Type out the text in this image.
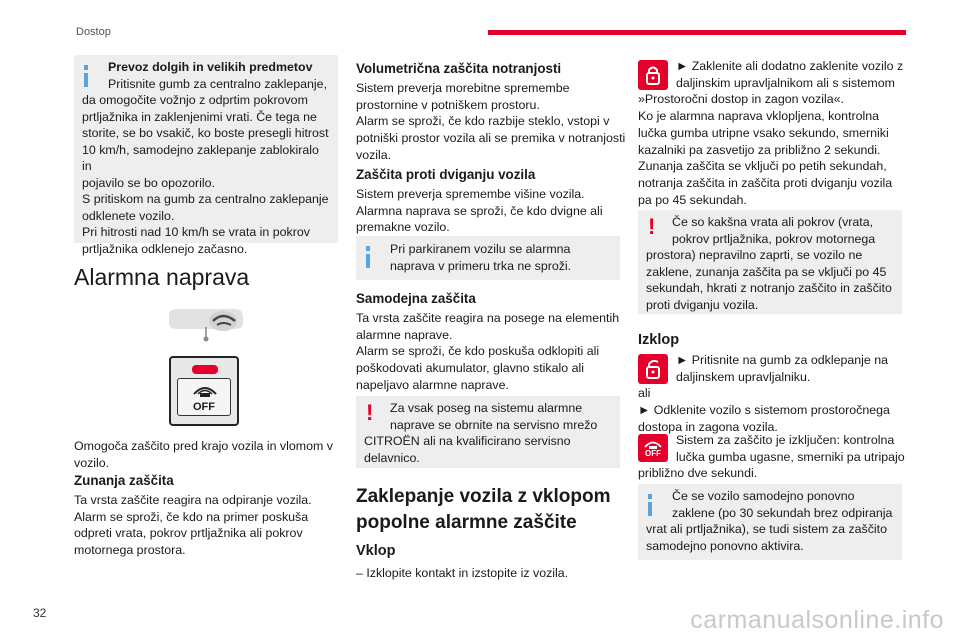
Dostop

Prevoz dolgih in velikih predmetov

Pritisnite gumb za centralno zaklepanje,

da omogočite vožnjo z odprtim pokrovom

prtljažnika in zaklenjenimi vrati. Če tega ne

storite, se bo vsakič, ko boste presegli hitrost

10 km/h, samodejno zaklepanje zablokiralo in

pojavilo se bo opozorilo.

S pritiskom na gumb za centralno zaklepanje

odklenete vozilo.

Pri hitrosti nad 10 km/h se vrata in pokrov

prtljažnika odklenejo začasno.

Alarmna naprava
OFF

Omogoča zaščito pred krajo vozila in vlomom v

vozilo.

Zunanja zaščita

Ta vrsta zaščite reagira na odpiranje vozila.

Alarm se sproži, če kdo na primer poskuša

odpreti vrata, pokrov prtljažnika ali pokrov

motornega prostora.

Volumetrična zaščita notranjosti

Sistem preverja morebitne spremembe

prostornine v potniškem prostoru.

Alarm se sproži, če kdo razbije steklo, vstopi v

potniški prostor vozila ali se premika v notranjosti

vozila.

Zaščita proti dviganju vozila

Sistem preverja spremembe višine vozila.

Alarmna naprava se sproži, če kdo dvigne ali

premakne vozilo.

Pri parkiranem vozilu se alarmna

naprava v primeru trka ne sproži.

Samodejna zaščita

Ta vrsta zaščite reagira na posege na elementih

alarmne naprave.

Alarm se sproži, če kdo poskuša odklopiti ali

poškodovati akumulator, glavno stikalo ali

napeljavo alarmne naprave.

!	Za vsak poseg na sistemu alarmne

naprave se obrnite na servisno mrežo

CITROËN ali na kvalificirano servisno

delavnico.

Zaklepanje vozila z vklopom
popolne alarmne zaščite
Vklop
– Izklopite kontakt in izstopite iz vozila.

► Zaklenite ali dodatno zaklenite vozilo z

daljinskim upravljalnikom ali s sistemom

»Prostoročni dostop in zagon vozila«.

Ko je alarmna naprava vklopljena, kontrolna

lučka gumba utripne vsako sekundo, smerniki

kazalniki pa zasvetijo za približno 2 sekundi.

Zunanja zaščita se vključi po petih sekundah,

notranja zaščita in zaščita proti dviganju vozila

pa po 45 sekundah.

!	Če so kakšna vrata ali pokrov (vrata,

pokrov prtljažnika, pokrov motornega

prostora) nepravilno zaprti, se vozilo ne

zaklene, zunanja zaščita pa se vključi po 45

sekundah, hkrati z notranjo zaščito in zaščito

proti dviganju vozila.

Izklop

► Pritisnite na gumb za odklepanje na

daljinskem upravljalniku.

ali

► Odklenite vozilo s sistemom prostoročnega

dostopa in zagona vozila.

OFF

Sistem za zaščito je izključen: kontrolna

lučka gumba ugasne, smerniki pa utripajo

približno dve sekundi.

Če se vozilo samodejno ponovno

zaklene (po 30 sekundah brez odpiranja

vrat ali prtljažnika), se tudi sistem za zaščito

samodejno ponovno aktivira.

32	carmanualsonline.info
